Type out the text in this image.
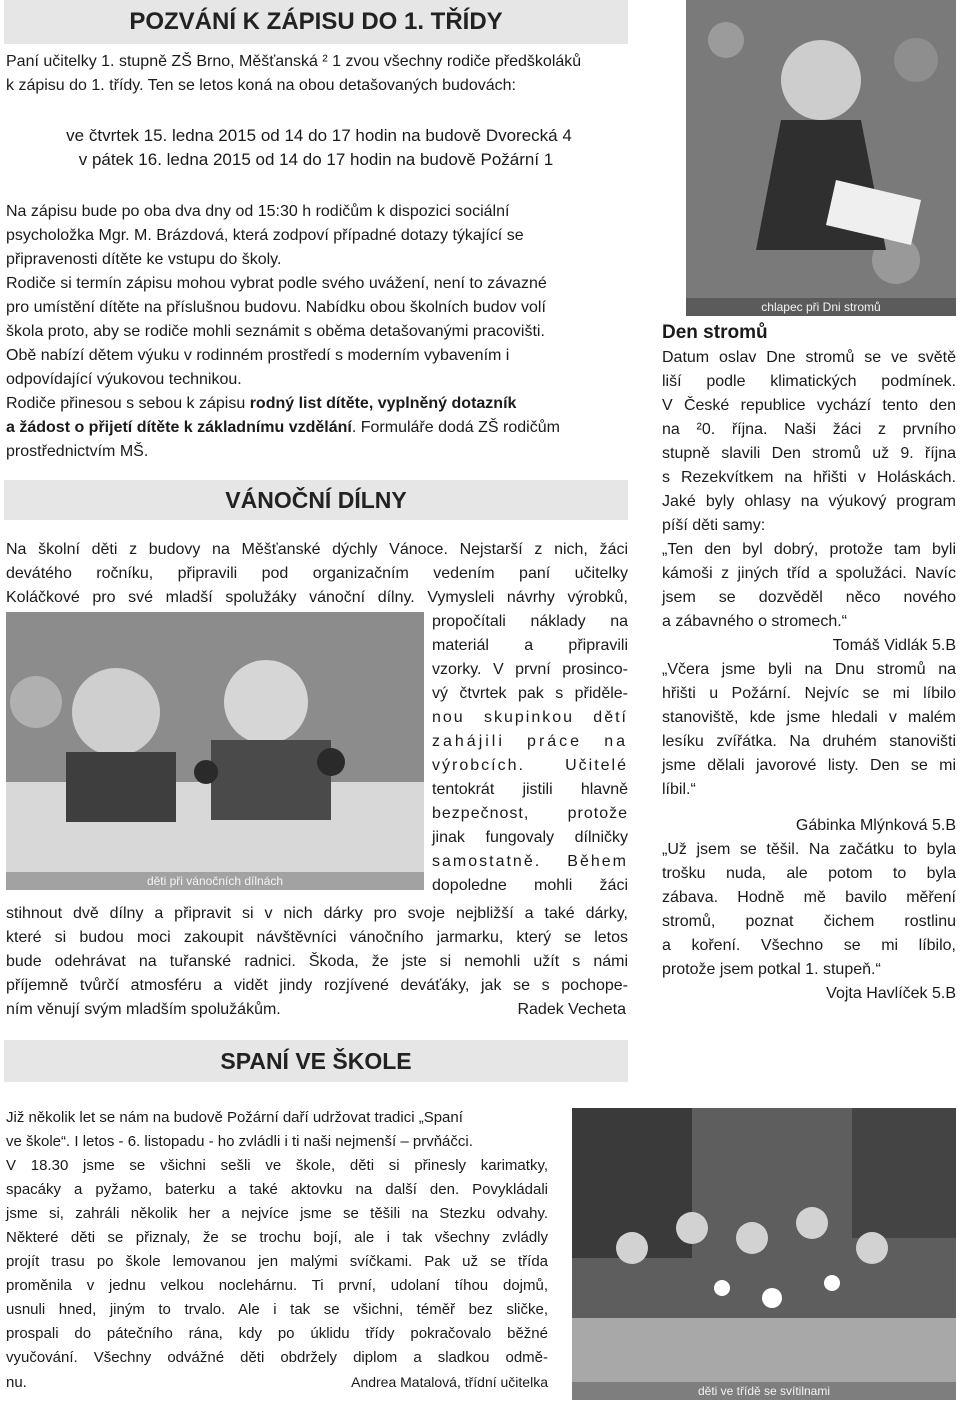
POZVÁNÍ K ZÁPISU DO 1. TŘÍDY

Paní učitelky 1. stupně ZŠ Brno, Měšťanská ² 1 zvou všechny rodiče předškoláků

k zápisu do 1. třídy. Ten se letos koná na obou detašovaných budovách:

ve čtvrtek 15. ledna 2015 od 14 do 17 hodin na budově Dvorecká 4

v pátek 16. ledna 2015 od 14 do 17 hodin na budově Požární 1

Na zápisu bude po oba dva dny od 15:30 h rodičům k dispozici sociální

psycholožka Mgr. M. Brázdová, která zodpoví případné dotazy týkající se

připravenosti dítěte ke vstupu do školy.

Rodiče si termín zápisu mohou vybrat podle svého uvážení, není to závazné

pro umístění dítěte na příslušnou budovu. Nabídku obou školních budov volí

škola proto, aby se rodiče mohli seznámit s oběma detašovanými pracovišti.

Obě nabízí dětem výuku v rodinném prostředí s moderním vybavením i

odpovídající výukovou technikou.

Rodiče přinesou s sebou k zápisu rodný list dítěte, vyplněný dotazník

a žádost o přijetí dítěte k základnímu vzdělání. Formuláře dodá ZŠ rodičům

prostřednictvím MŠ.

VÁNOČNÍ DÍLNY

Na školní děti z budovy na Měšťanské dýchly Vánoce. Nejstarší z nich, žáci

devátého ročníku, připravili pod organizačním vedením paní učitelky

Koláčkové pro své mladší spolužáky vánoční dílny. Vymysleli návrhy výrobků,

děti při vánočních dílnách

propočítali náklady na

materiál a připravili

vzorky. V první prosinco-

vý čtvrtek pak s přiděle-

nou skupinkou dětí

zahájili práce na

výrobcích. Učitelé

tentokrát jistili hlavně

bezpečnost, protože

jinak fungovaly dílničky

samostatně. Během

dopoledne mohli žáci

stihnout dvě dílny a připravit si v nich dárky pro svoje nejbližší a také dárky,

které si budou moci zakoupit návštěvníci vánočního jarmarku, který se letos

bude odehrávat na tuřanské radnici. Škoda, že jste si nemohli užít s námi

příjemně tvůrčí atmosféru a vidět jindy rozjívené deváťáky, jak se s pochope-

ním věnují svým mladším spolužákům.	Radek Vecheta

chlapec při Dni stromů

Den stromů

Datum oslav Dne stromů se ve světě

liší podle klimatických podmínek.

V České republice vychází tento den

na ²0. října. Naši žáci z prvního

stupně slavili Den stromů už 9. října

s Rezekvítkem na hřišti v Holáskách.

Jaké byly ohlasy na výukový program

píší děti samy:

„Ten den byl dobrý, protože tam byli

kámoši z jiných tříd a spolužáci. Navíc

jsem se dozvěděl něco nového

a zábavného o stromech.“

Tomáš Vidlák 5.B

„Včera jsme byli na Dnu stromů na

hřišti u Požární. Nejvíc se mi líbilo

stanoviště, kde jsme hledali v malém

lesíku zvířátka. Na druhém stanovišti

jsme dělali javorové listy. Den se mi

líbil.“

Gábinka Mlýnková 5.B

„Už jsem se těšil. Na začátku to byla

trošku nuda, ale potom to byla

zábava. Hodně mě bavilo měření

stromů, poznat čichem rostlinu

a koření. Všechno se mi líbilo,

protože jsem potkal 1. stupeň.“

Vojta Havlíček 5.B

SPANÍ VE ŠKOLE

Již několik let se nám na budově Požární daří udržovat tradici „Spaní

ve škole“. I letos - 6. listopadu - ho zvládli i ti naši nejmenší – prvňáčci.

V 18.30 jsme se všichni sešli ve škole, děti si přinesly karimatky,

spacáky a pyžamo, baterku a také aktovku na další den. Povykládali

jsme si, zahráli několik her a nejvíce jsme se těšili na Stezku odvahy.

Některé děti se přiznaly, že se trochu bojí, ale i tak všechny zvládly

projít trasu po škole lemovanou jen malými svíčkami. Pak už se třída

proměnila v jednu velkou noclehárnu. Ti první, udolaní tíhou dojmů,

usnuli hned, jiným to trvalo. Ale i tak se všichni, téměř bez sličke,

prospali do pátečního rána, kdy po úklidu třídy pokračovalo běžné

vyučování. Všechny odvážné děti obdržely diplom a sladkou odmě-

nu.	Andrea Matalová, třídní učitelka

děti ve třídě se svítilnami
